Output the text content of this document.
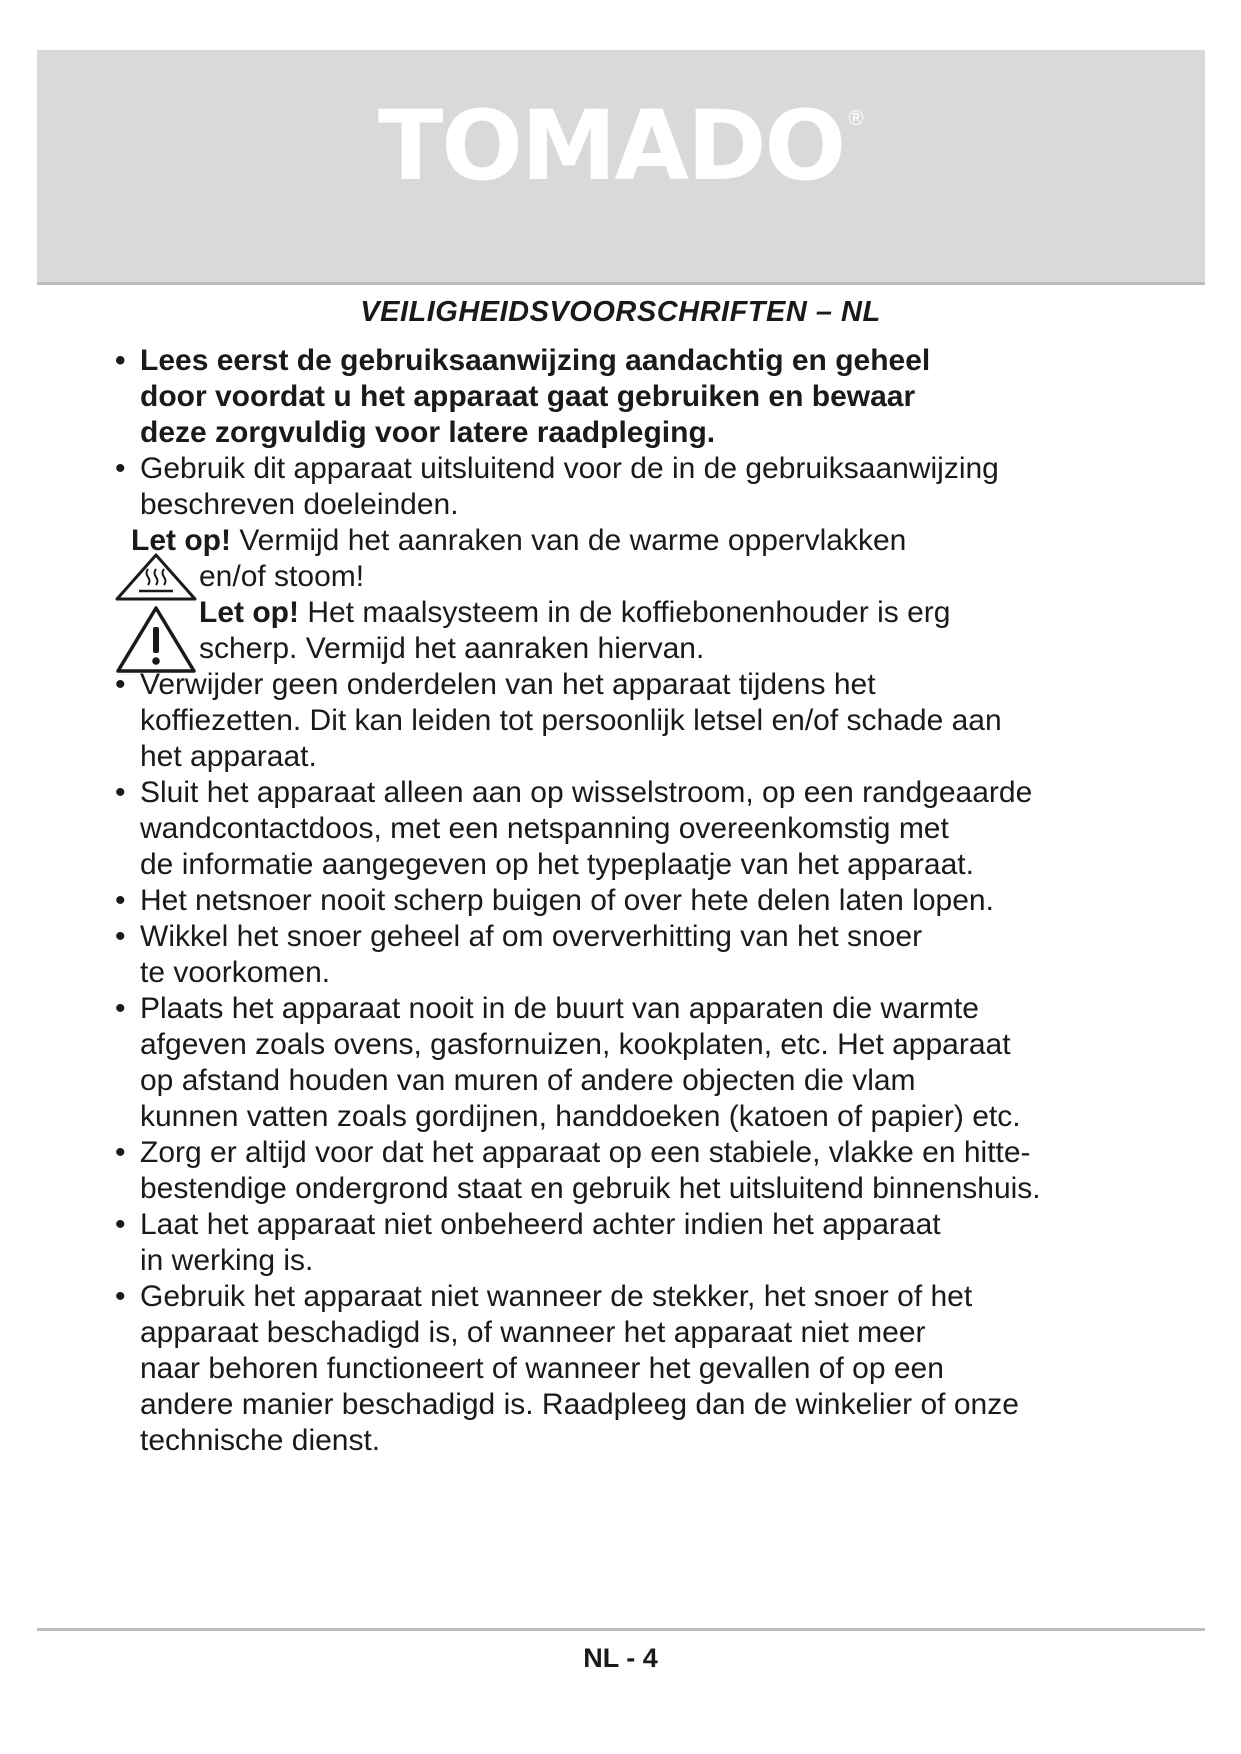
TOMADO ®
VEILIGHEIDSVOORSCHRIFTEN – NL
• Lees eerst de gebruiksaanwijzing aandachtig en geheel
door voordat u het apparaat gaat gebruiken en bewaar
deze zorgvuldig voor latere raadpleging.
• Gebruik dit apparaat uitsluitend voor de in de gebruiksaanwijzing
beschreven doeleinden.
Let op! Vermijd het aanraken van de warme oppervlakken
en/of stoom!
Let op! Het maalsysteem in de koffiebonenhouder is erg
scherp. Vermijd het aanraken hiervan.
• Verwijder geen onderdelen van het apparaat tijdens het
koffiezetten. Dit kan leiden tot persoonlijk letsel en/of schade aan
het apparaat.
• Sluit het apparaat alleen aan op wisselstroom, op een randgeaarde
wandcontactdoos, met een netspanning overeenkomstig met
de informatie aangegeven op het typeplaatje van het apparaat.
• Het netsnoer nooit scherp buigen of over hete delen laten lopen.
• Wikkel het snoer geheel af om oververhitting van het snoer
te voorkomen.
• Plaats het apparaat nooit in de buurt van apparaten die warmte
afgeven zoals ovens, gasfornuizen, kookplaten, etc. Het apparaat
op afstand houden van muren of andere objecten die vlam
kunnen vatten zoals gordijnen, handdoeken (katoen of papier) etc.
• Zorg er altijd voor dat het apparaat op een stabiele, vlakke en hitte-
bestendige ondergrond staat en gebruik het uitsluitend binnenshuis.
• Laat het apparaat niet onbeheerd achter indien het apparaat
in werking is.
• Gebruik het apparaat niet wanneer de stekker, het snoer of het
apparaat beschadigd is, of wanneer het apparaat niet meer
naar behoren functioneert of wanneer het gevallen of op een
andere manier beschadigd is. Raadpleeg dan de winkelier of onze
technische dienst.
NL - 4
